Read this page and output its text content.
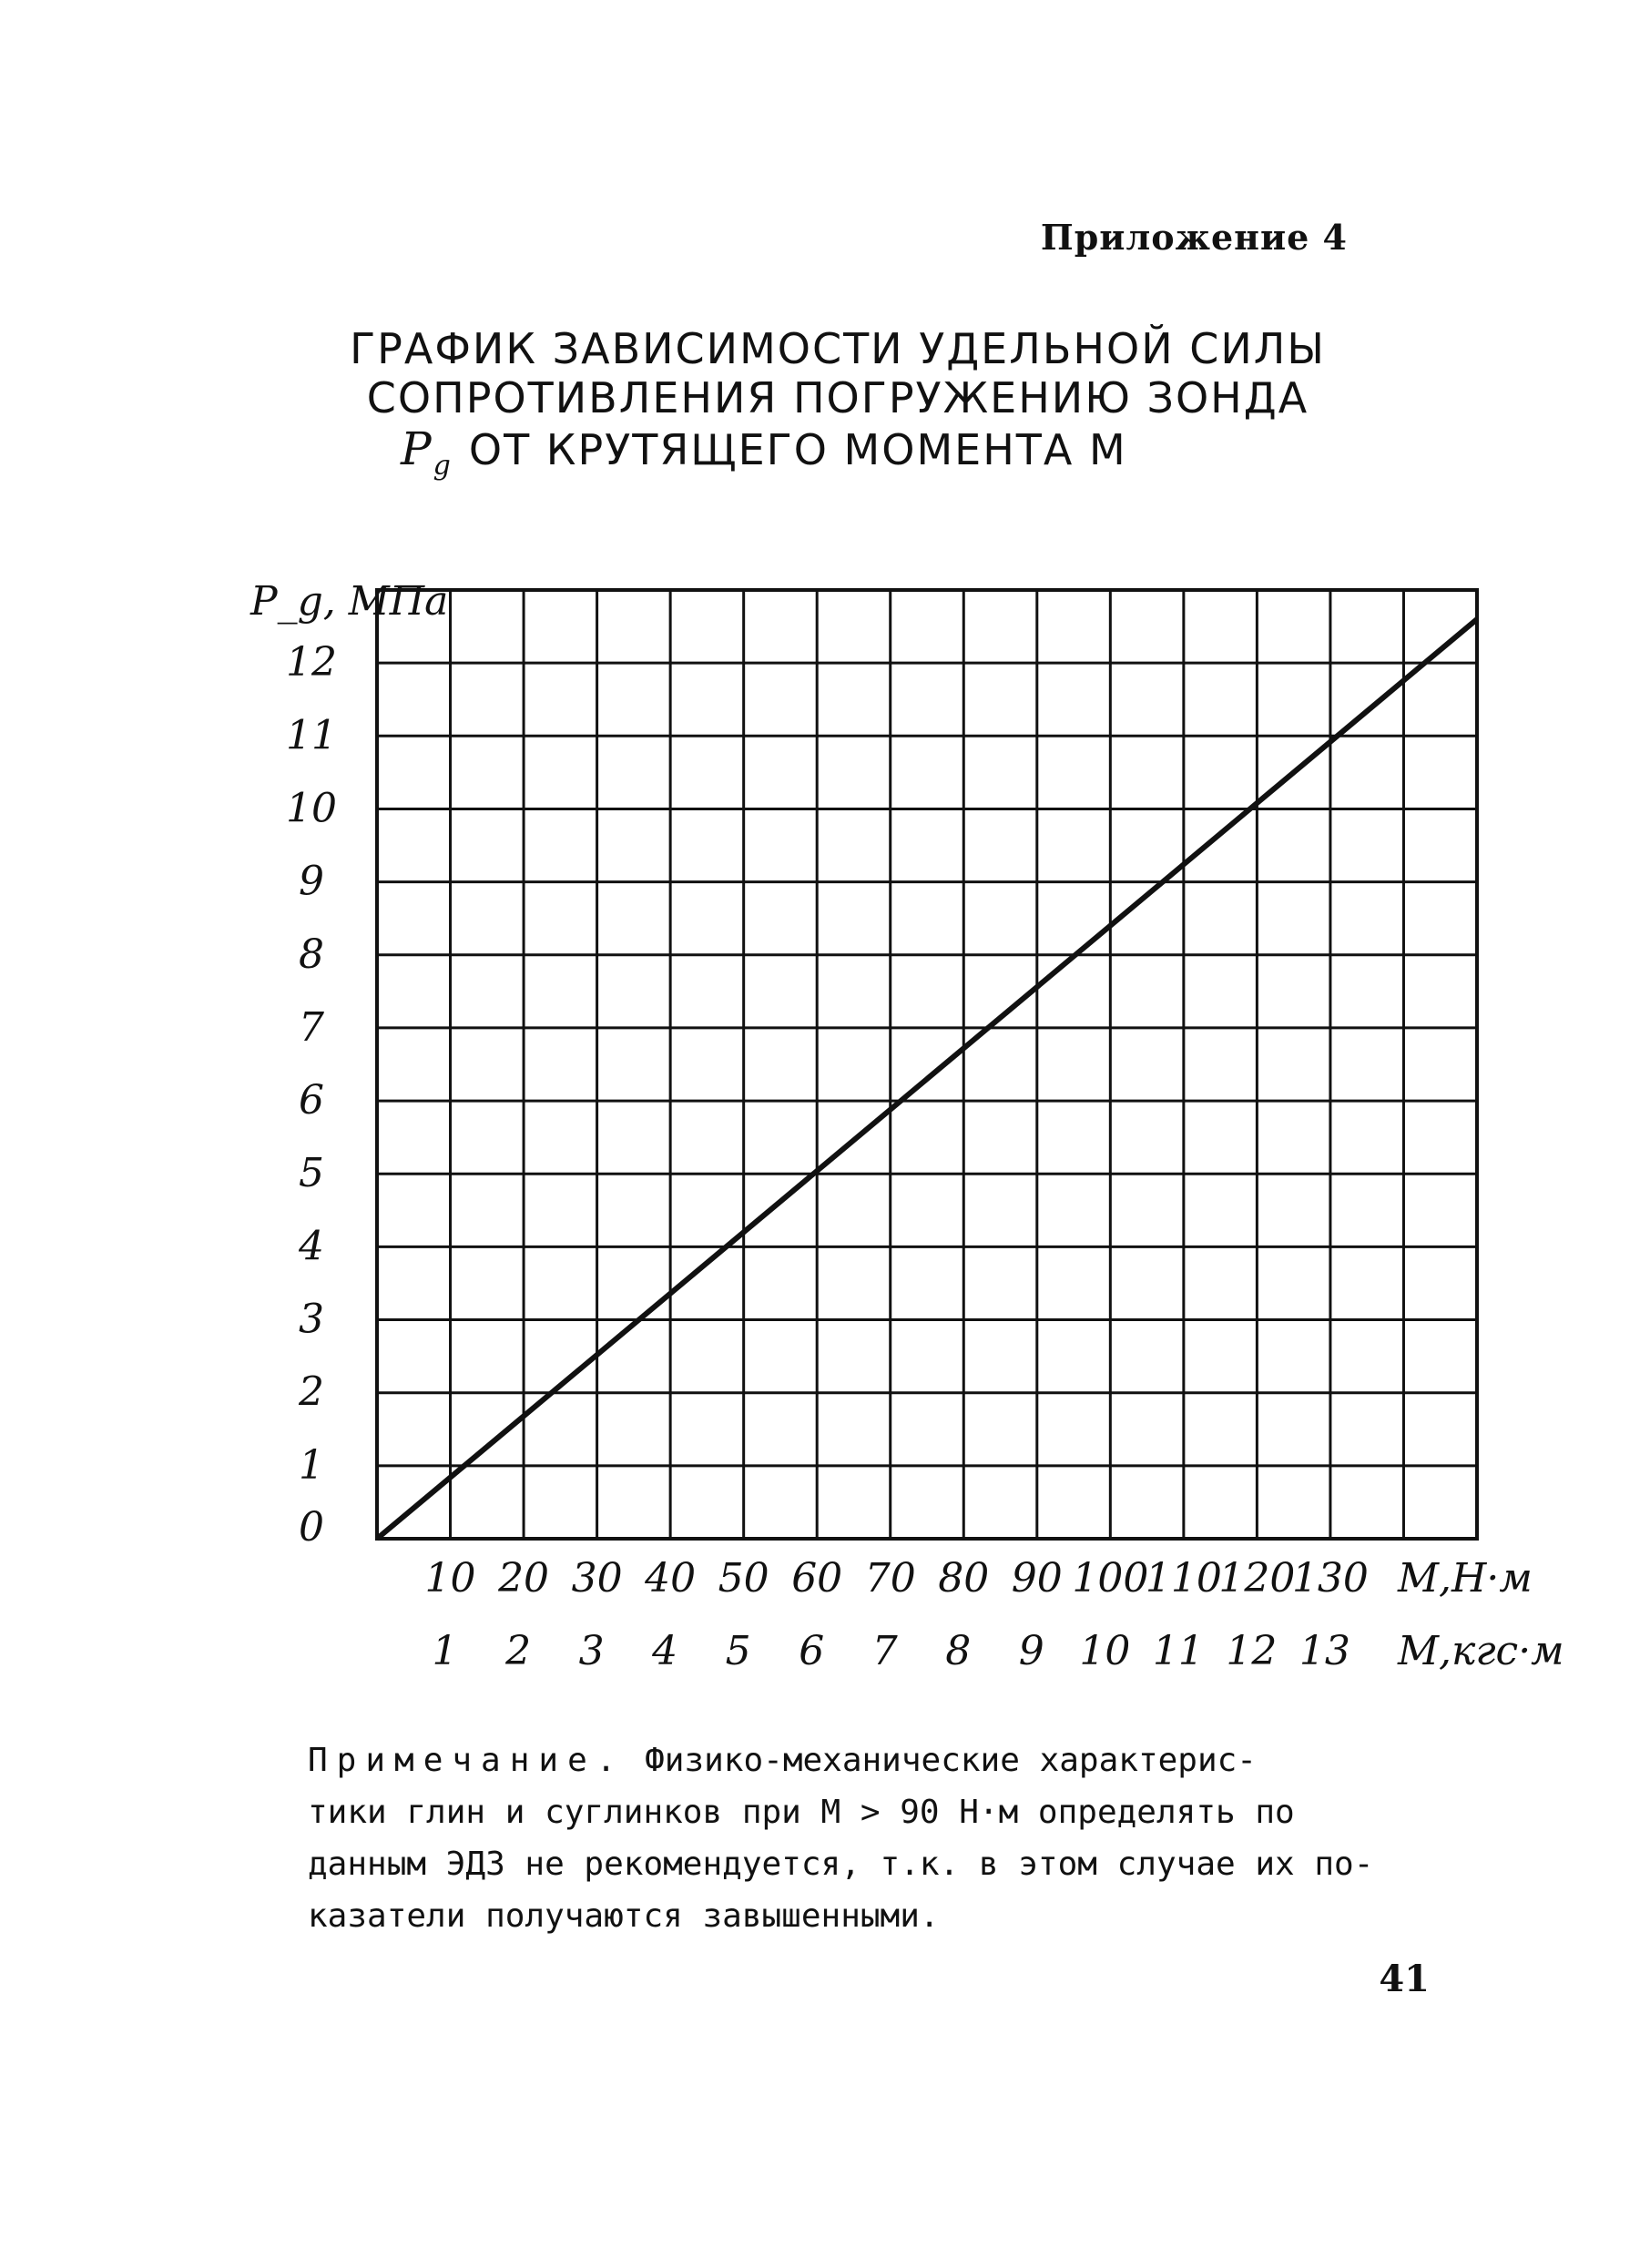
Приложение 4
ГРАФИК ЗАВИСИМОСТИ УДЕЛЬНОЙ СИЛЫ
СОПРОТИВЛЕНИЯ ПОГРУЖЕНИЮ ЗОНДА
$P_g$ ОТ КРУТЯЩЕГО МОМЕНТА М
0
1
2
3
4
5
6
7
8
9
10
11
12
P_g, МПа
10 20 30 40 50 60 70 80 90 100
110
120
130 М,Н·м
1 2 3 4 5 6 7 8 9 10 11 12 13 М,кгс·м
Примечание. Физико-механические характерис-
тики глин и суглинков при М > 90 Н·м определять по
данным ЭДЗ не рекомендуется, т.к. в этом случае их по-
казатели получаются завышенными.
41
